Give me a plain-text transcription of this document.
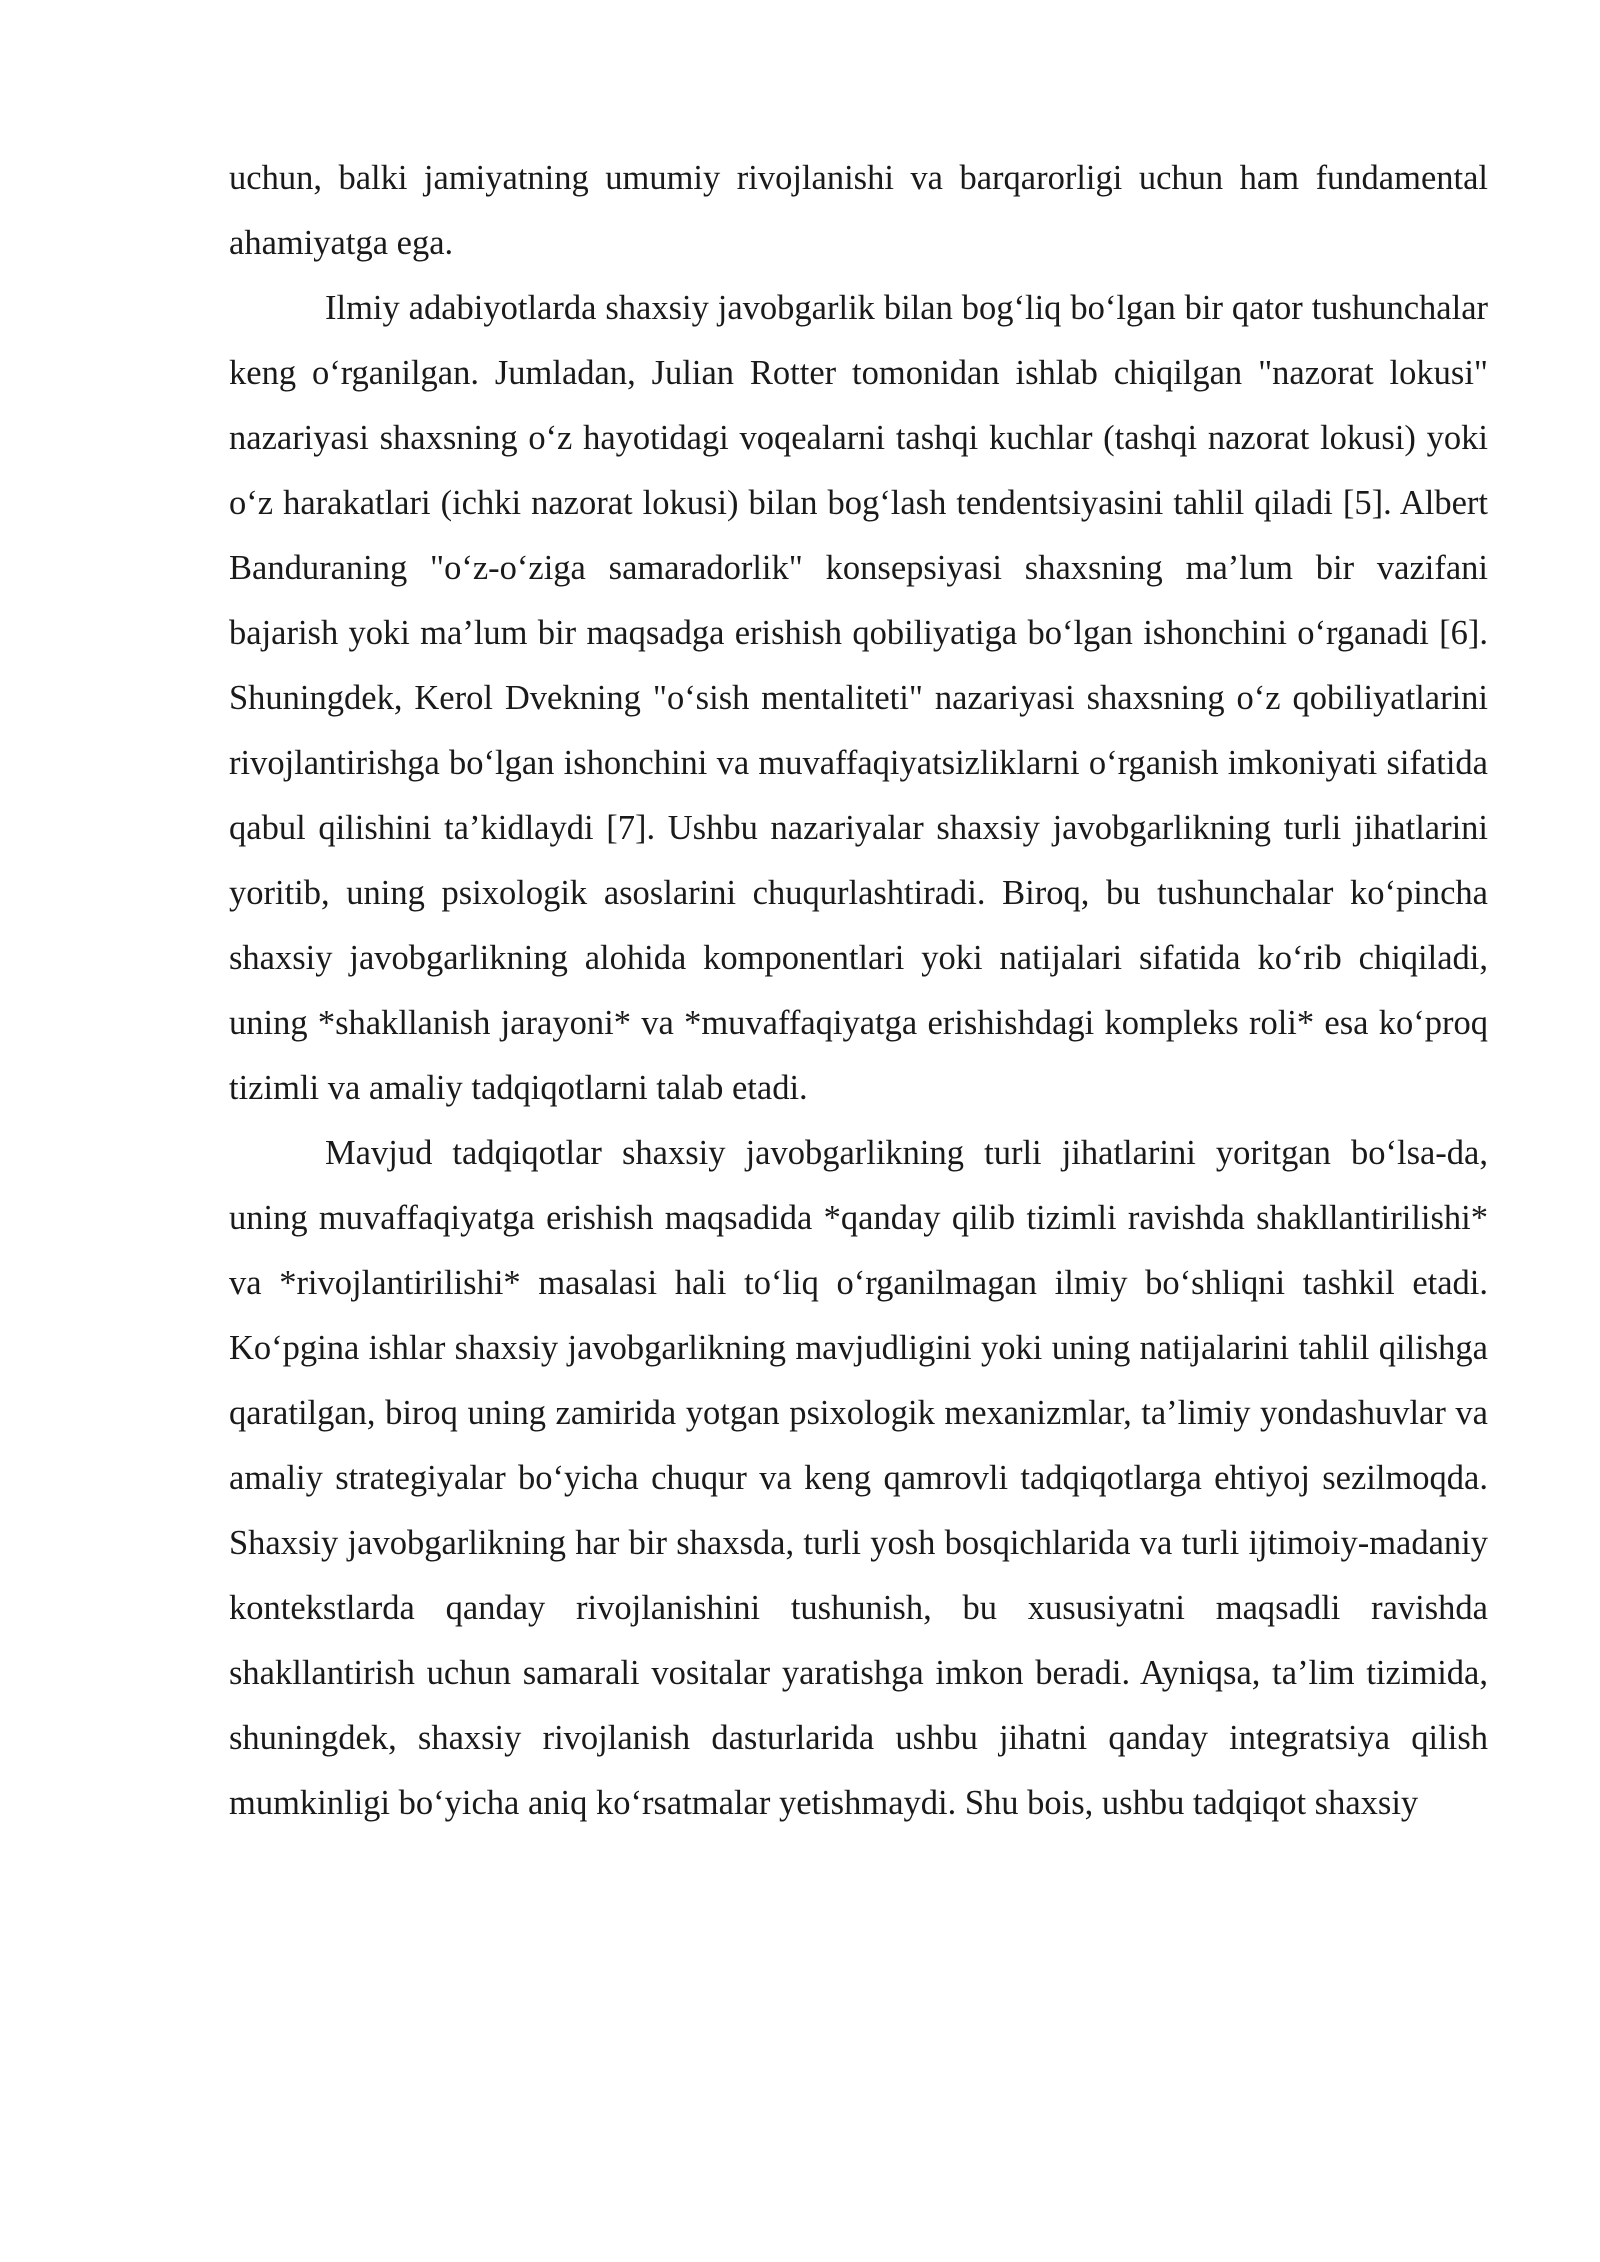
uchun, balki jamiyatning umumiy rivojlanishi va barqarorligi uchun ham fundamental ahamiyatga ega.

Ilmiy adabiyotlarda shaxsiy javobgarlik bilan bog‘liq bo‘lgan bir qator tushunchalar keng o‘rganilgan. Jumladan, Julian Rotter tomonidan ishlab chiqilgan "nazorat lokusi" nazariyasi shaxsning o‘z hayotidagi voqealarni tashqi kuchlar (tashqi nazorat lokusi) yoki o‘z harakatlari (ichki nazorat lokusi) bilan bog‘lash tendentsiyasini tahlil qiladi [5]. Albert Banduraning "o‘z-o‘ziga samaradorlik" konsepsiyasi shaxsning ma’lum bir vazifani bajarish yoki ma’lum bir maqsadga erishish qobiliyatiga bo‘lgan ishonchini o‘rganadi [6]. Shuningdek, Kerol Dvekning "o‘sish mentaliteti" nazariyasi shaxsning o‘z qobiliyatlarini rivojlantirishga bo‘lgan ishonchini va muvaffaqiyatsizliklarni o‘rganish imkoniyati sifatida qabul qilishini ta’kidlaydi [7]. Ushbu nazariyalar shaxsiy javobgarlikning turli jihatlarini yoritib, uning psixologik asoslarini chuqurlashtiradi. Biroq, bu tushunchalar ko‘pincha shaxsiy javobgarlikning alohida komponentlari yoki natijalari sifatida ko‘rib chiqiladi, uning *shakllanish jarayoni* va *muvaffaqiyatga erishishdagi kompleks roli* esa ko‘proq tizimli va amaliy tadqiqotlarni talab etadi.

Mavjud tadqiqotlar shaxsiy javobgarlikning turli jihatlarini yoritgan bo‘lsa-da, uning muvaffaqiyatga erishish maqsadida *qanday qilib tizimli ravishda shakllantirilishi* va *rivojlantirilishi* masalasi hali to‘liq o‘rganilmagan ilmiy bo‘shliqni tashkil etadi. Ko‘pgina ishlar shaxsiy javobgarlikning mavjudligini yoki uning natijalarini tahlil qilishga qaratilgan, biroq uning zamirida yotgan psixologik mexanizmlar, ta’limiy yondashuvlar va amaliy strategiyalar bo‘yicha chuqur va keng qamrovli tadqiqotlarga ehtiyoj sezilmoqda. Shaxsiy javobgarlikning har bir shaxsda, turli yosh bosqichlarida va turli ijtimoiy-madaniy kontekstlarda qanday rivojlanishini tushunish, bu xususiyatni maqsadli ravishda shakllantirish uchun samarali vositalar yaratishga imkon beradi. Ayniqsa, ta’lim tizimida, shuningdek, shaxsiy rivojlanish dasturlarida ushbu jihatni qanday integratsiya qilish mumkinligi bo‘yicha aniq ko‘rsatmalar yetishmaydi. Shu bois, ushbu tadqiqot shaxsiy
